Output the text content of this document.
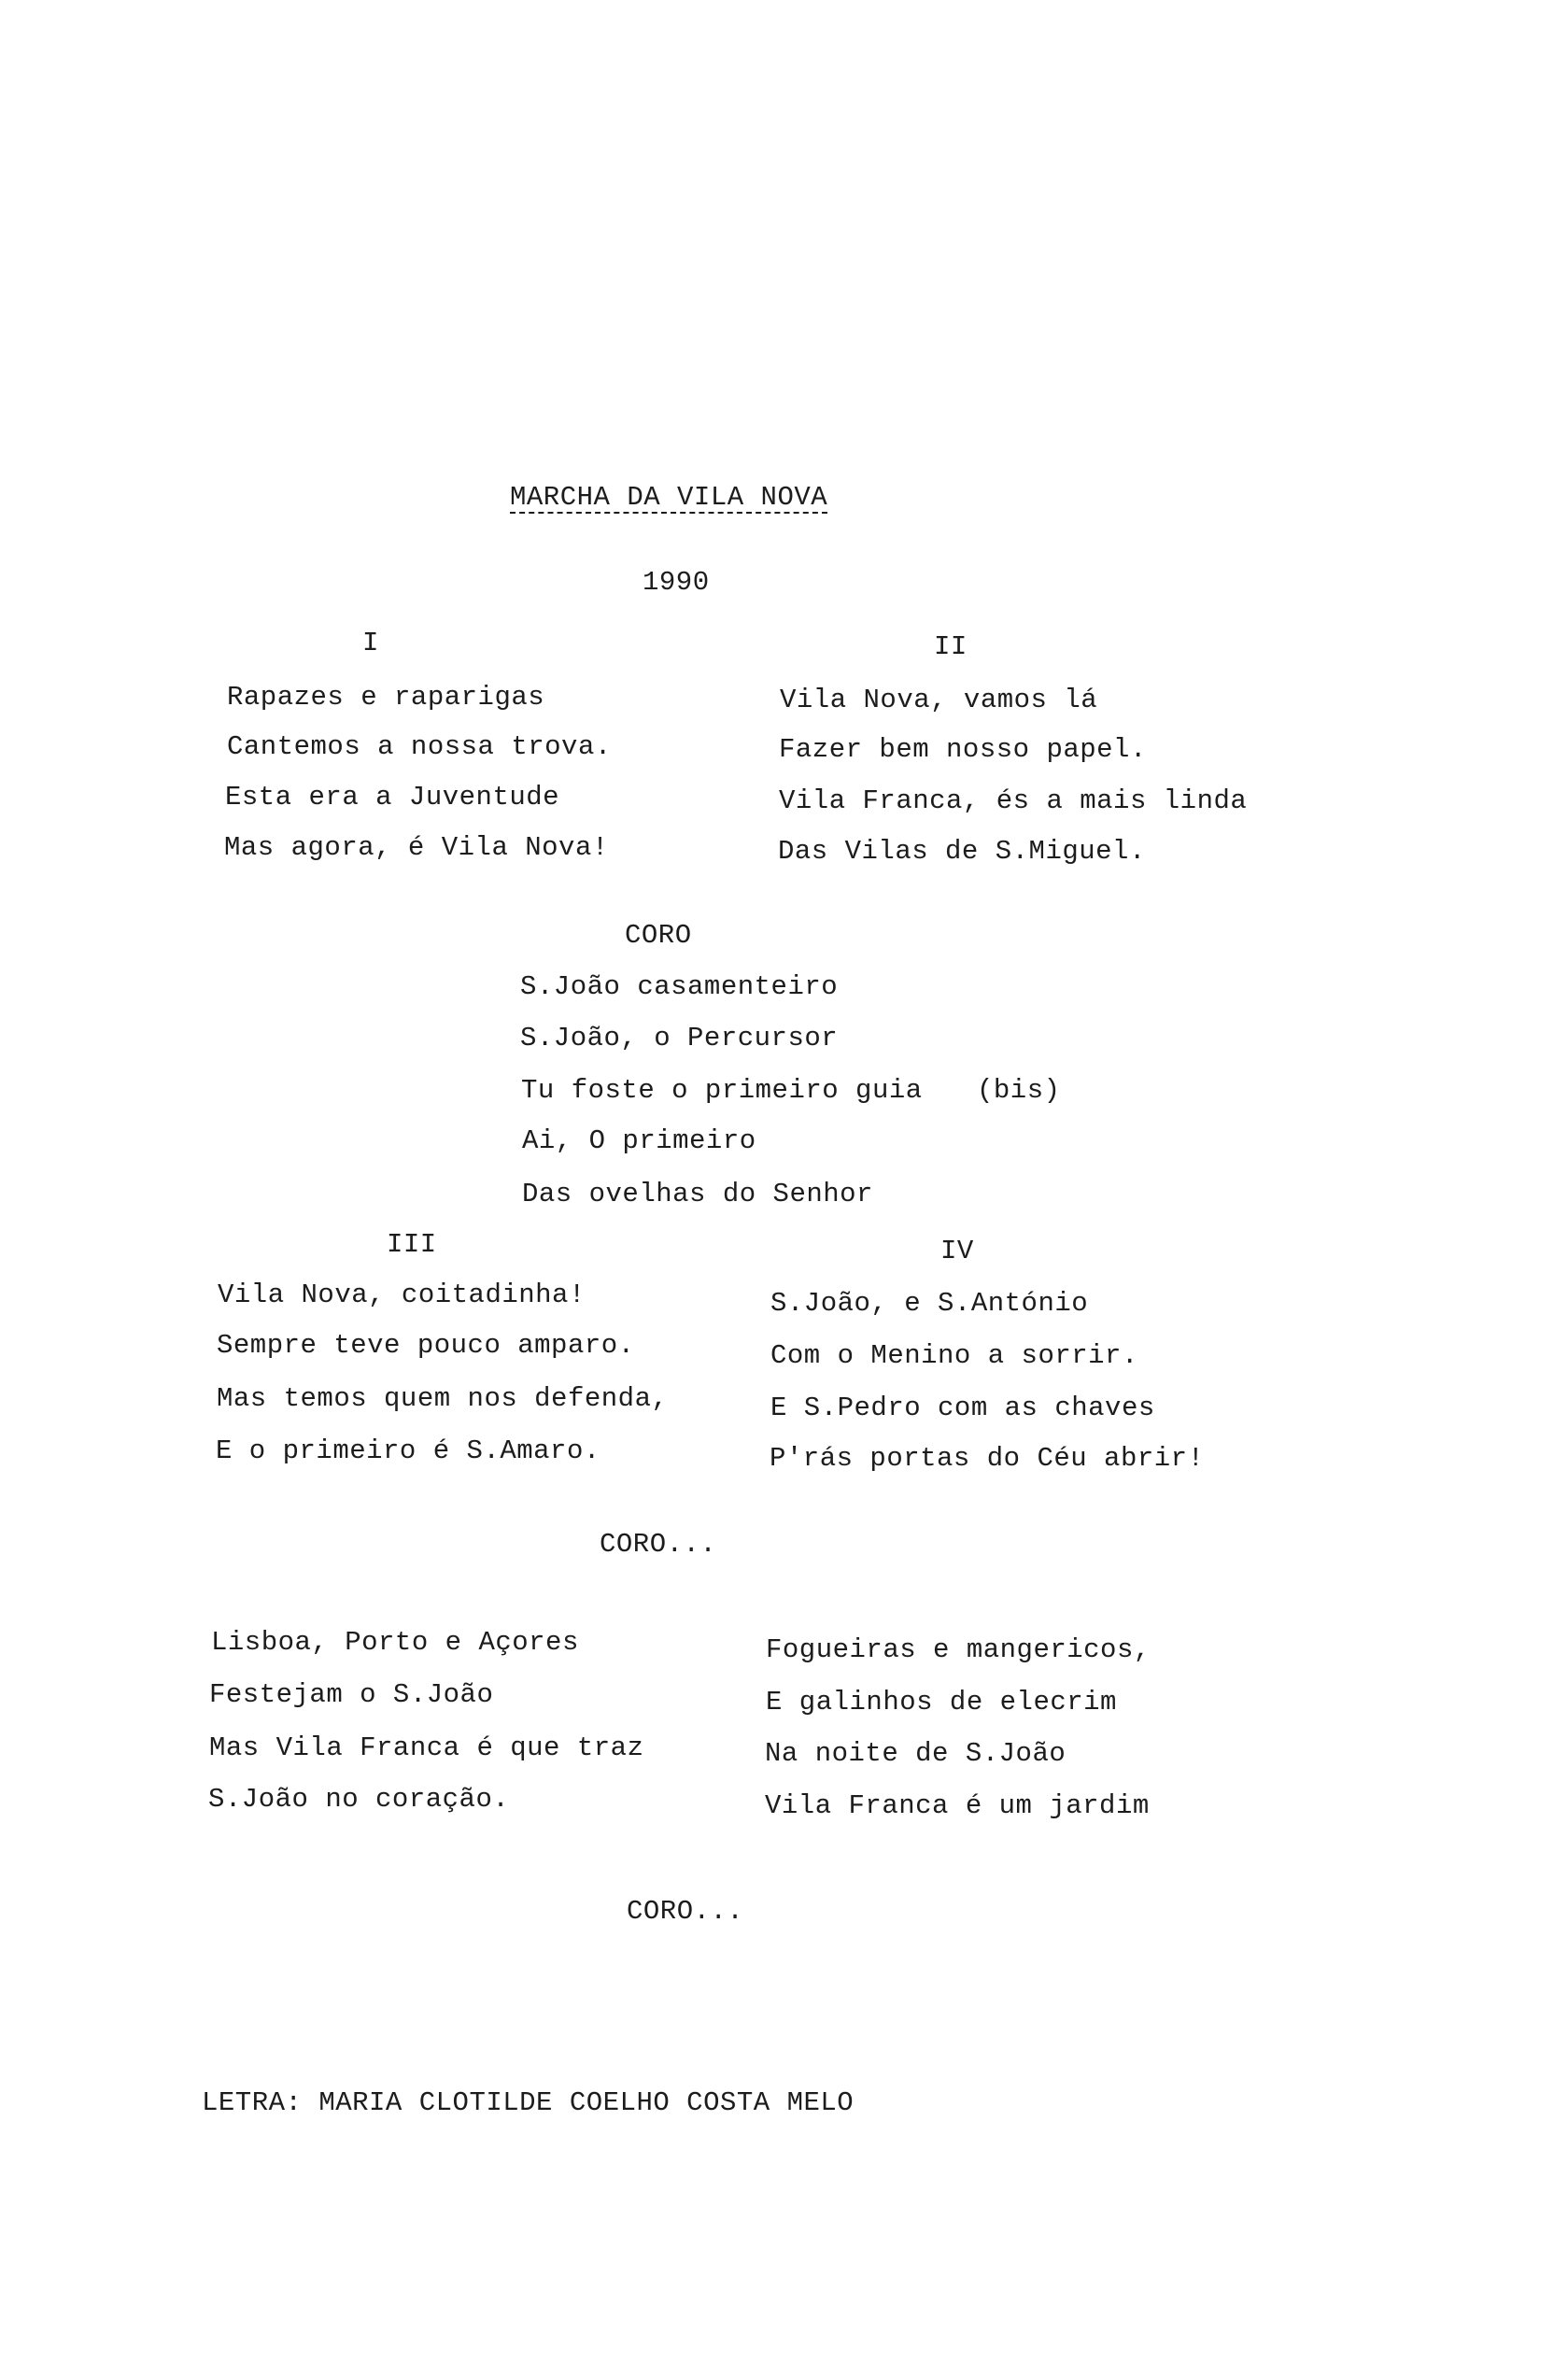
MARCHA DA VILA NOVA
1990
I
Rapazes e raparigas
Cantemos a nossa trova.
Esta era a Juventude
Mas agora, é Vila Nova!
II
Vila Nova, vamos lá
Fazer bem nosso papel.
Vila Franca, és a mais linda
Das Vilas de S.Miguel.
CORO
S.João casamenteiro
S.João, o Percursor
Tu foste o primeiro guia (bis)
Ai, O primeiro
Das ovelhas do Senhor
III
Vila Nova, coitadinha!
Sempre teve pouco amparo.
Mas temos quem nos defenda,
E o primeiro é S.Amaro.
IV
S.João, e S.António
Com o Menino a sorrir.
E S.Pedro com as chaves
P'rás portas do Céu abrir!
CORO...
Lisboa, Porto e Açores
Festejam o S.João
Mas Vila Franca é que traz
S.João no coração.
Fogueiras e mangericos,
E galinhos de elecrim
Na noite de S.João
Vila Franca é um jardim
CORO...
LETRA: MARIA CLOTILDE COELHO COSTA MELO
